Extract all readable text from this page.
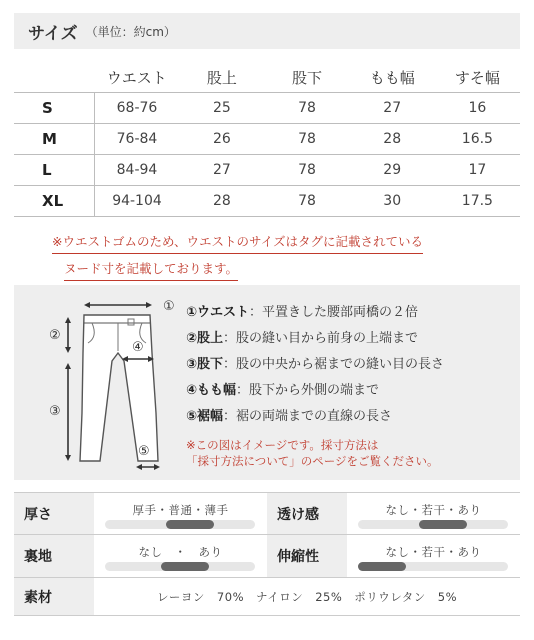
サイズ （単位：約cm）
	ウエスト	股上	股下	もも幅	すそ幅
S	68-76	25	78	27	16
M	76-84	26	78	28	16.5
L	84-94	27	78	29	17
XL	94-104	28	78	30	17.5
※ウエストゴムのため、ウエストのサイズはタグに記載されている
ヌード寸を記載しております。
①
②
③
④
⑤
①ウエスト：平置きした腰部両橋の２倍
②股上：股の縫い目から前身の上端まで
③股下：股の中央から裾までの縫い目の長さ
④もも幅：股下から外側の端まで
⑤裾幅：裾の両端までの直線の長さ
※この図はイメージです。採寸方法は
「採寸方法について」のページをご覧ください。
厚さ	厚手・普通・薄手	透け感	なし・若干・あり
裏地	なし　・　あり	伸縮性	なし・若干・あり
素材	レーヨン　70%　ナイロン　25%　ポリウレタン　5%
